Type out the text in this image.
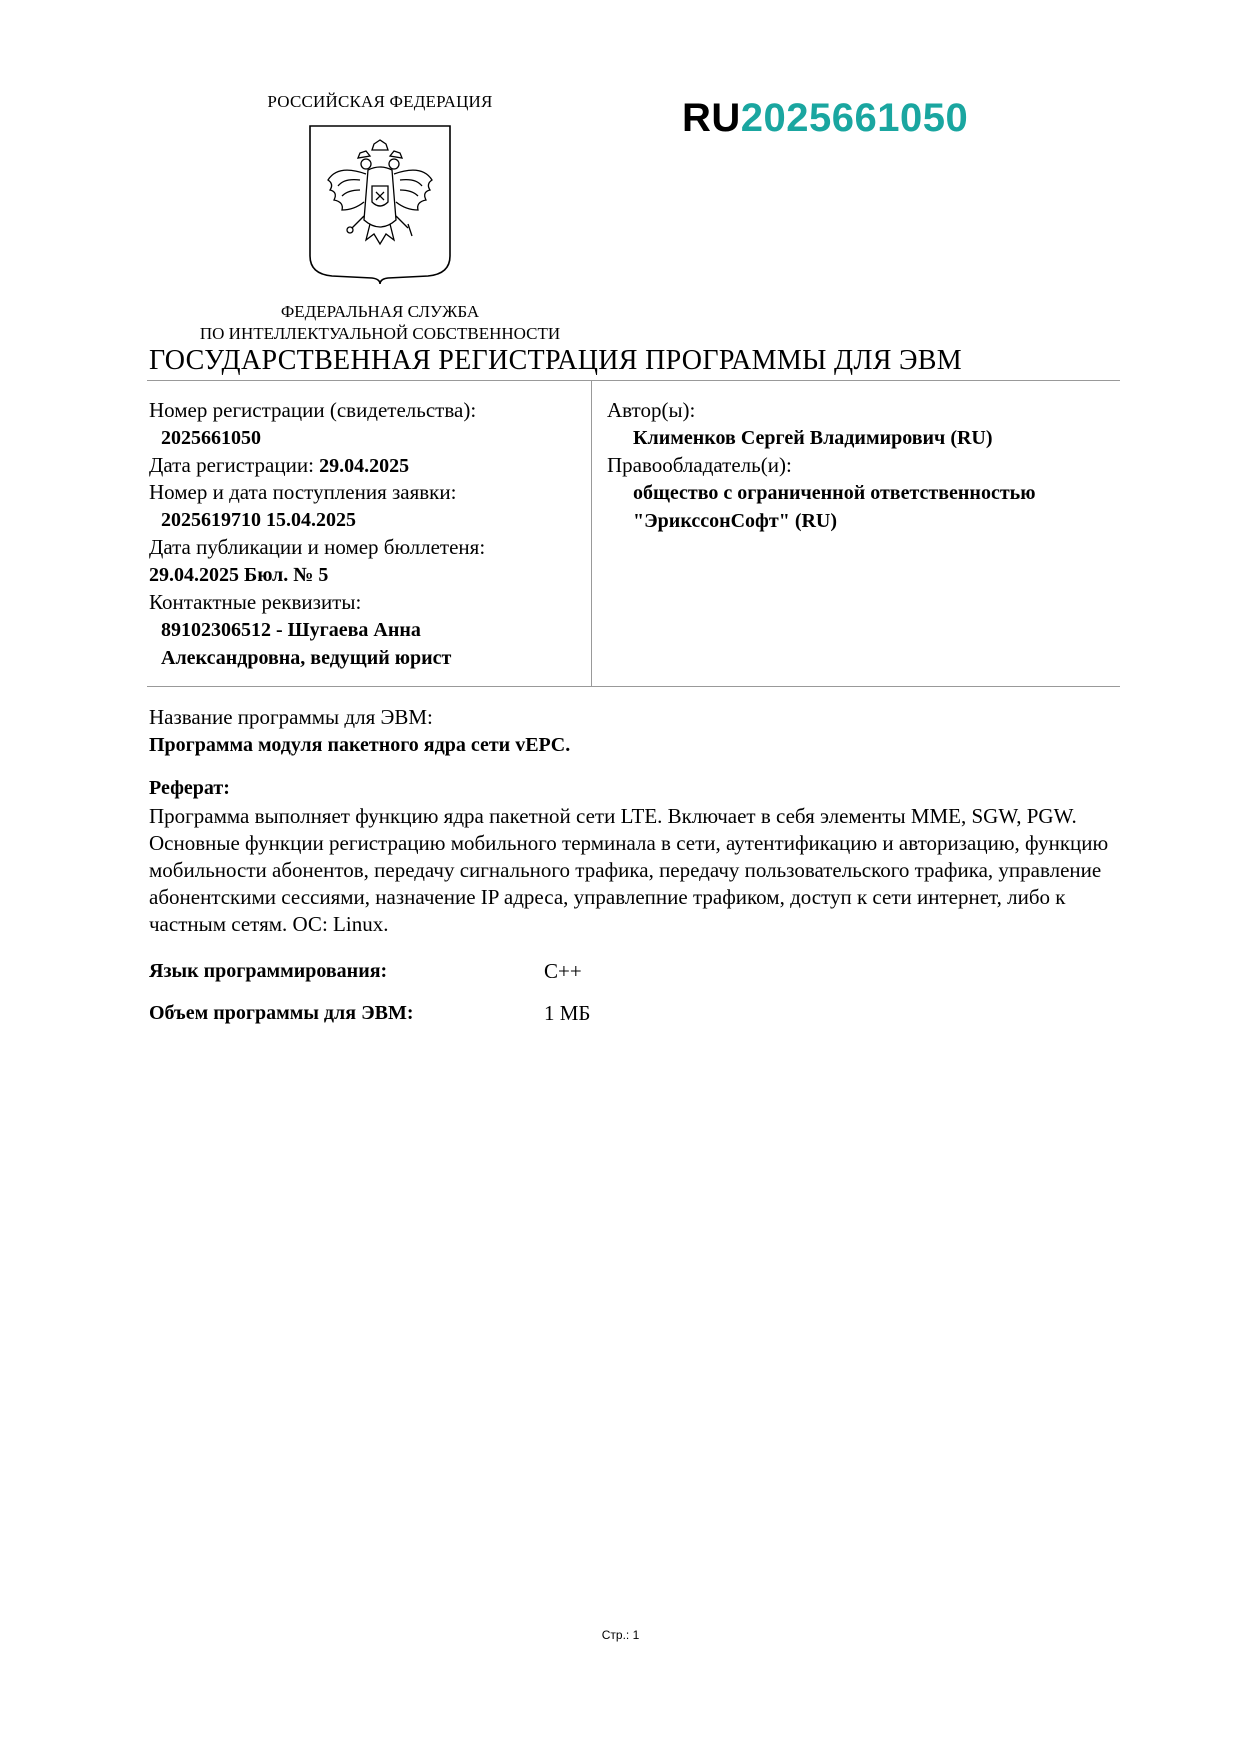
РОССИЙСКАЯ ФЕДЕРАЦИЯ
ФЕДЕРАЛЬНАЯ СЛУЖБА
ПО ИНТЕЛЛЕКТУАЛЬНОЙ СОБСТВЕННОСТИ
RU2025661050
ГОСУДАРСТВЕННАЯ РЕГИСТРАЦИЯ ПРОГРАММЫ ДЛЯ ЭВМ
Номер регистрации (свидетельства):
2025661050
Дата регистрации: 29.04.2025
Номер и дата поступления заявки:
2025619710 15.04.2025
Дата публикации и номер бюллетеня:
29.04.2025 Бюл. № 5
Контактные реквизиты:
89102306512 - Шугаева Анна
Александровна, ведущий юрист
Автор(ы):
Клименков Сергей Владимирович (RU)
Правообладатель(и):
общество с ограниченной ответственностью
"ЭриксcонСофт" (RU)
Название программы для ЭВМ:
Программа модуля пакетного ядра сети vEPC.
Реферат:
Программа выполняет функцию ядра пакетной сети LTE. Включает в себя элементы MME, SGW, PGW. Основные функции регистрацию мобильного терминала в сети, аутентификацию и авторизацию, функцию мобильности абонентов, передачу сигнального трафика, передачу пользовательского трафика, управление абонентскими сессиями, назначение IP адреса, управлепние трафиком, доступ к сети интернет, либо к частным сетям. ОС: Linux.
Язык программирования:	C++
Объем программы для ЭВМ:	1 МБ
Стр.: 1
